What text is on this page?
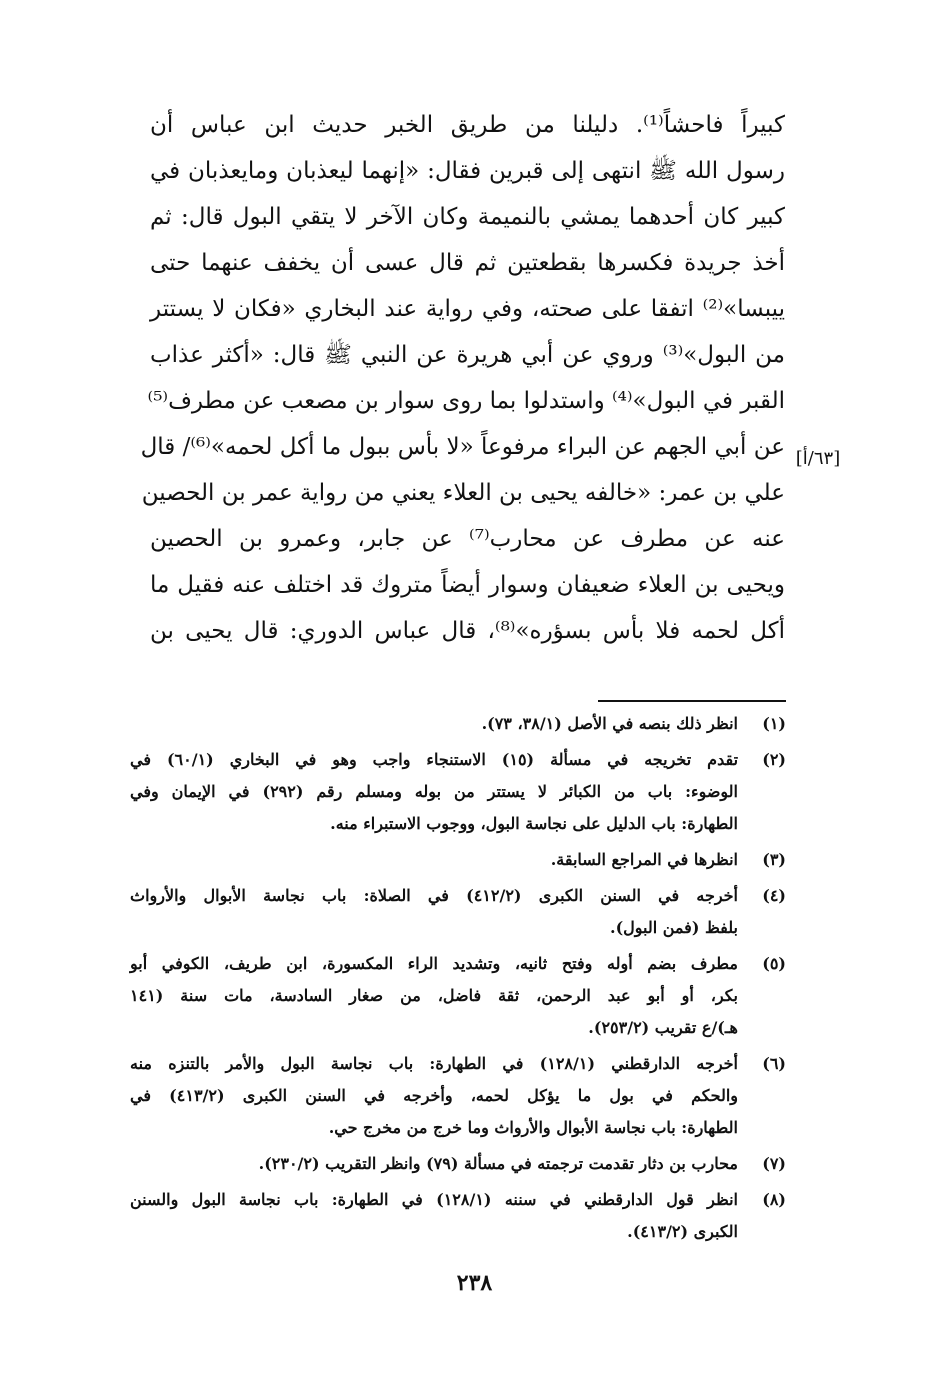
كبيراً فاحشاً⁽¹⁾. دليلنا من طريق الخبر حديث ابن عباس أن
رسول الله ﷺ انتهى إلى قبرين فقال: «إنهما ليعذبان ومايعذبان في
كبير كان أحدهما يمشي بالنميمة وكان الآخر لا يتقي البول قال: ثم
أخذ جريدة فكسرها بقطعتين ثم قال عسى أن يخفف عنهما حتى
ييبسا»⁽²⁾ اتفقا على صحته، وفي رواية عند البخاري «فكان لا يستتر
من البول»⁽³⁾ وروي عن أبي هريرة عن النبي ﷺ قال: «أكثر عذاب
القبر في البول»⁽⁴⁾ واستدلوا بما روى سوار بن مصعب عن مطرف⁽⁵⁾
عن أبي الجهم عن البراء مرفوعاً «لا بأس ببول ما أكل لحمه»⁽⁶⁾/ قال
علي بن عمر: «خالفه يحيى بن العلاء يعني من رواية عمر بن الحصين
عنه عن مطرف عن محارب⁽⁷⁾ عن جابر، وعمرو بن الحصين
ويحيى بن العلاء ضعيفان وسوار أيضاً متروك قد اختلف عنه فقيل ما
أكل لحمه فلا بأس بسؤره»⁽⁸⁾، قال عباس الدوري: قال يحيى بن
[٦٣/أ]
(١)
انظر ذلك بنصه في الأصل (٣٨/١، ٧٣).
(٢)
تقدم تخريجه في مسألة (١٥) الاستنجاء واجب وهو في البخاري (٦٠/١) في
الوضوء: باب من الكبائر لا يستتر من بوله ومسلم رقم (٢٩٢) في الإيمان وفي
الطهارة: باب الدليل على نجاسة البول، ووجوب الاستبراء منه.
(٣)
انظرها في المراجع السابقة.
(٤)
أخرجه في السنن الكبرى (٤١٢/٢) في الصلاة: باب نجاسة الأبوال والأرواث
بلفظ (فمن البول).
(٥)
مطرف بضم أوله وفتح ثانيه، وتشديد الراء المكسورة، ابن طريف، الكوفي أبو
بكر، أو أبو عبد الرحمن، ثقة فاضل، من صغار السادسة، مات سنة (١٤١
هـ)/ع تقريب (٢٥٣/٢).
(٦)
أخرجه الدارقطني (١٢٨/١) في الطهارة: باب نجاسة البول والأمر بالتنزه منه
والحكم في بول ما يؤكل لحمه، وأخرجه في السنن الكبرى (٤١٣/٢) في
الطهارة: باب نجاسة الأبوال والأرواث وما خرج من مخرج حي.
(٧)
محارب بن دثار تقدمت ترجمته في مسألة (٧٩) وانظر التقريب (٢٣٠/٢).
(٨)
انظر قول الدارقطني في سننه (١٢٨/١) في الطهارة: باب نجاسة البول والسنن
الكبرى (٤١٣/٢).
٢٣٨
